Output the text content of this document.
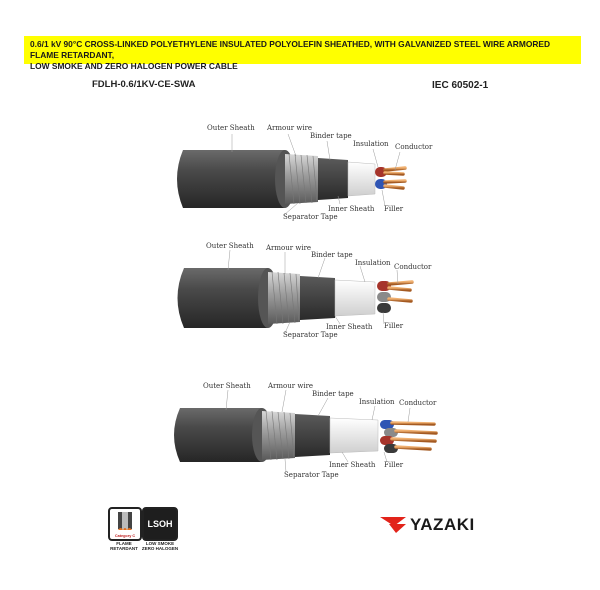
0.6/1 kV 90°C CROSS-LINKED POLYETHYLENE INSULATED POLYOLEFIN SHEATHED, WITH GALVANIZED STEEL WIRE ARMORED FLAME RETARDANT,
LOW SMOKE AND ZERO HALOGEN POWER CABLE

FDLH-0.6/1KV-CE-SWA	IEC 60502-1
Outer Sheath Armour wire
Binder tape
Insulation Conductor
Inner Sheath Filler
Separator Tape
Outer Sheath Armour wire
Binder tape
Insulation Conductor
Inner Sheath Filler
Separator Tape
Outer Sheath Armour wire
Binder tape
Insulation Conductor
Inner Sheath Filler
Separator Tape
Category C
FLAME
RETARDANT
LSOH
LOW SMOKE
ZERO HALOGEN
YAZAKI
